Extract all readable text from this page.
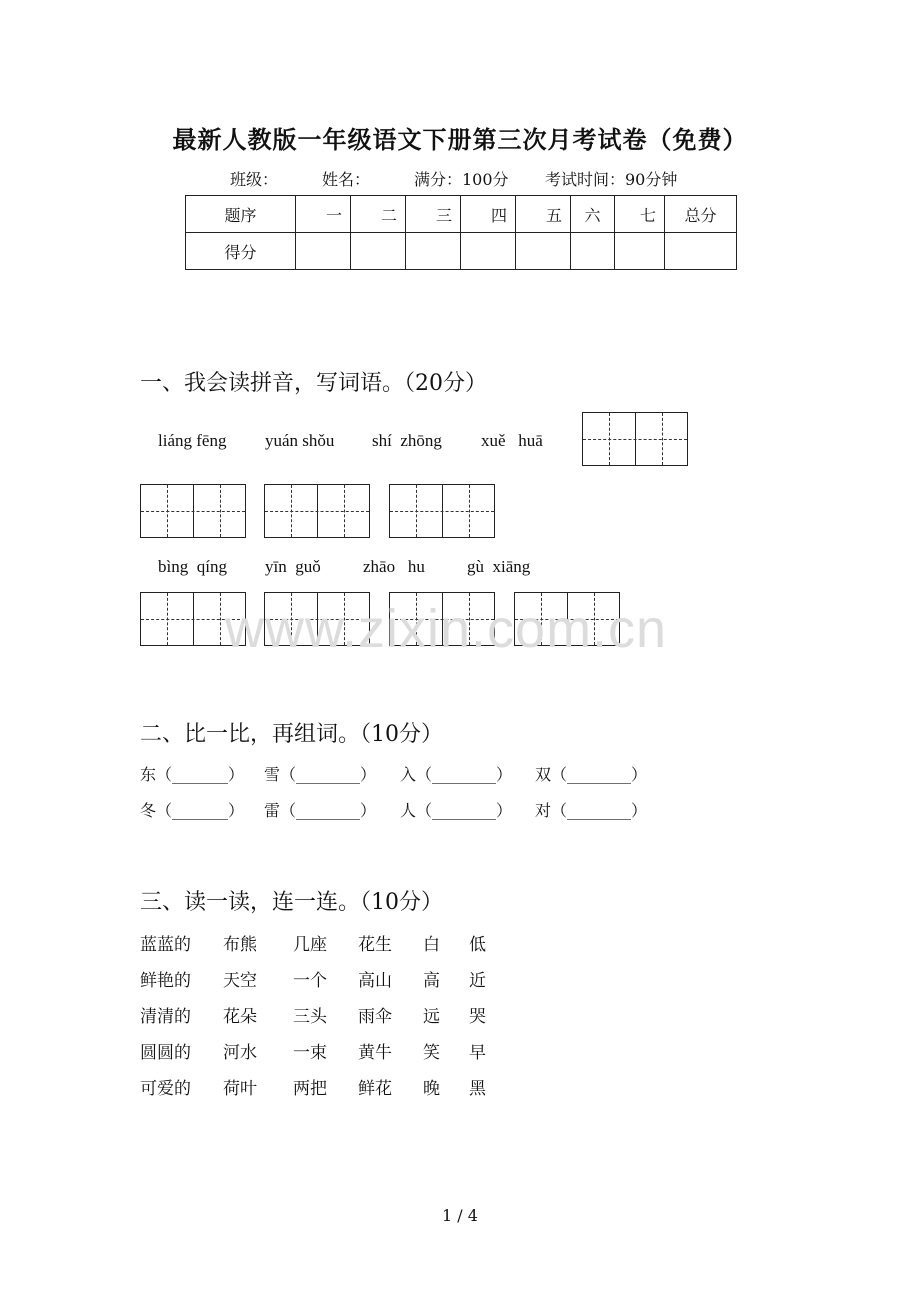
最新人教版一年级语文下册第三次月考试卷（免费）
班级：	姓名：	满分：100分 考试时间：90分钟
题序	一	二	三	四	五	六	七	总分
得分								
一、我会读拼音，写词语。（20分）
liáng fēng yuán shǒu shí  zhōng xuě   huā
bìng  qíng yīn  guǒ zhāo   hu gù  xiāng
www.zixin.com.cn
二、比一比，再组词。（10分）
东（_______） 雪（________） 入（________） 双（________）
冬（_______） 雷（________） 人（________） 对（________）
三、读一读，连一连。（10分）
蓝蓝的 布熊 几座 花生 白 低
鲜艳的 天空 一个 高山 高 近
清清的 花朵 三头 雨伞 远 哭
圆圆的 河水 一束 黄牛 笑 早
可爱的 荷叶 两把 鲜花 晚 黑
1 / 4
